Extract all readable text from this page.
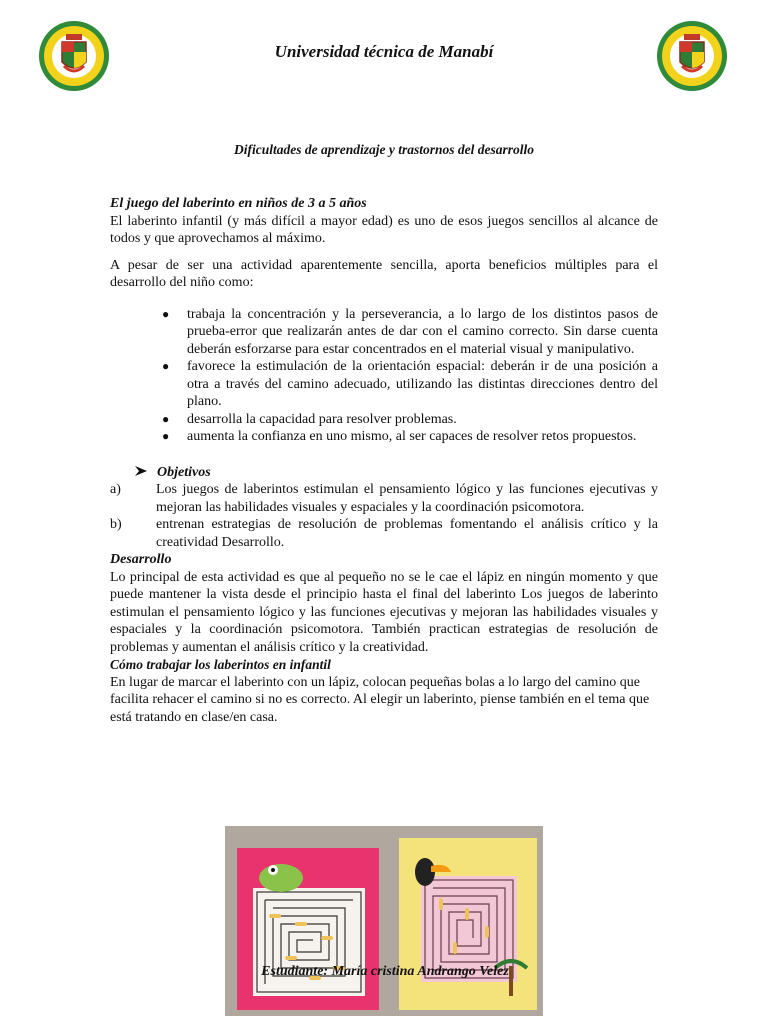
Universidad técnica de Manabí
Dificultades de aprendizaje y trastornos del desarrollo

El juego del laberinto en niños de 3 a 5 años

El laberinto infantil (y más difícil a mayor edad) es uno de esos juegos sencillos al alcance de todos y que aprovechamos al máximo.

A pesar de ser una actividad aparentemente sencilla, aporta beneficios múltiples para el desarrollo del niño como:

● trabaja la concentración y la perseverancia, a lo largo de los distintos pasos de prueba-error que realizarán antes de dar con el camino correcto. Sin darse cuenta deberán esforzarse para estar concentrados en el material visual y manipulativo.
● favorece la estimulación de la orientación espacial: deberán ir de una posición a otra a través del camino adecuado, utilizando las distintas direcciones dentro del plano.
● desarrolla la capacidad para resolver problemas.
● aumenta la confianza en uno mismo, al ser capaces de resolver retos propuestos.
Objetivos
a)	Los juegos de laberintos estimulan el pensamiento lógico y las funciones ejecutivas y mejoran las habilidades visuales y espaciales y la coordinación psicomotora.
b) entrenan estrategias de resolución de problemas fomentando el análisis crítico y la creatividad Desarrollo.

Desarrollo

Lo principal de esta actividad es que al pequeño no se le cae el lápiz en ningún momento y que puede mantener la vista desde el principio hasta el final del laberinto Los juegos de laberinto estimulan el pensamiento lógico y las funciones ejecutivas y mejoran las habilidades visuales y espaciales y la coordinación psicomotora. También practican estrategias de resolución de problemas y aumentan el análisis crítico y la creatividad.

Cómo trabajar los laberintos en infantil

En lugar de marcar el laberinto con un lápiz, colocan pequeñas bolas a lo largo del camino que facilita rehacer el camino si no es correcto. Al elegir un laberinto, piense también en el tema que está tratando en clase/en casa.

Estudiante: María cristina Andrango Velez
